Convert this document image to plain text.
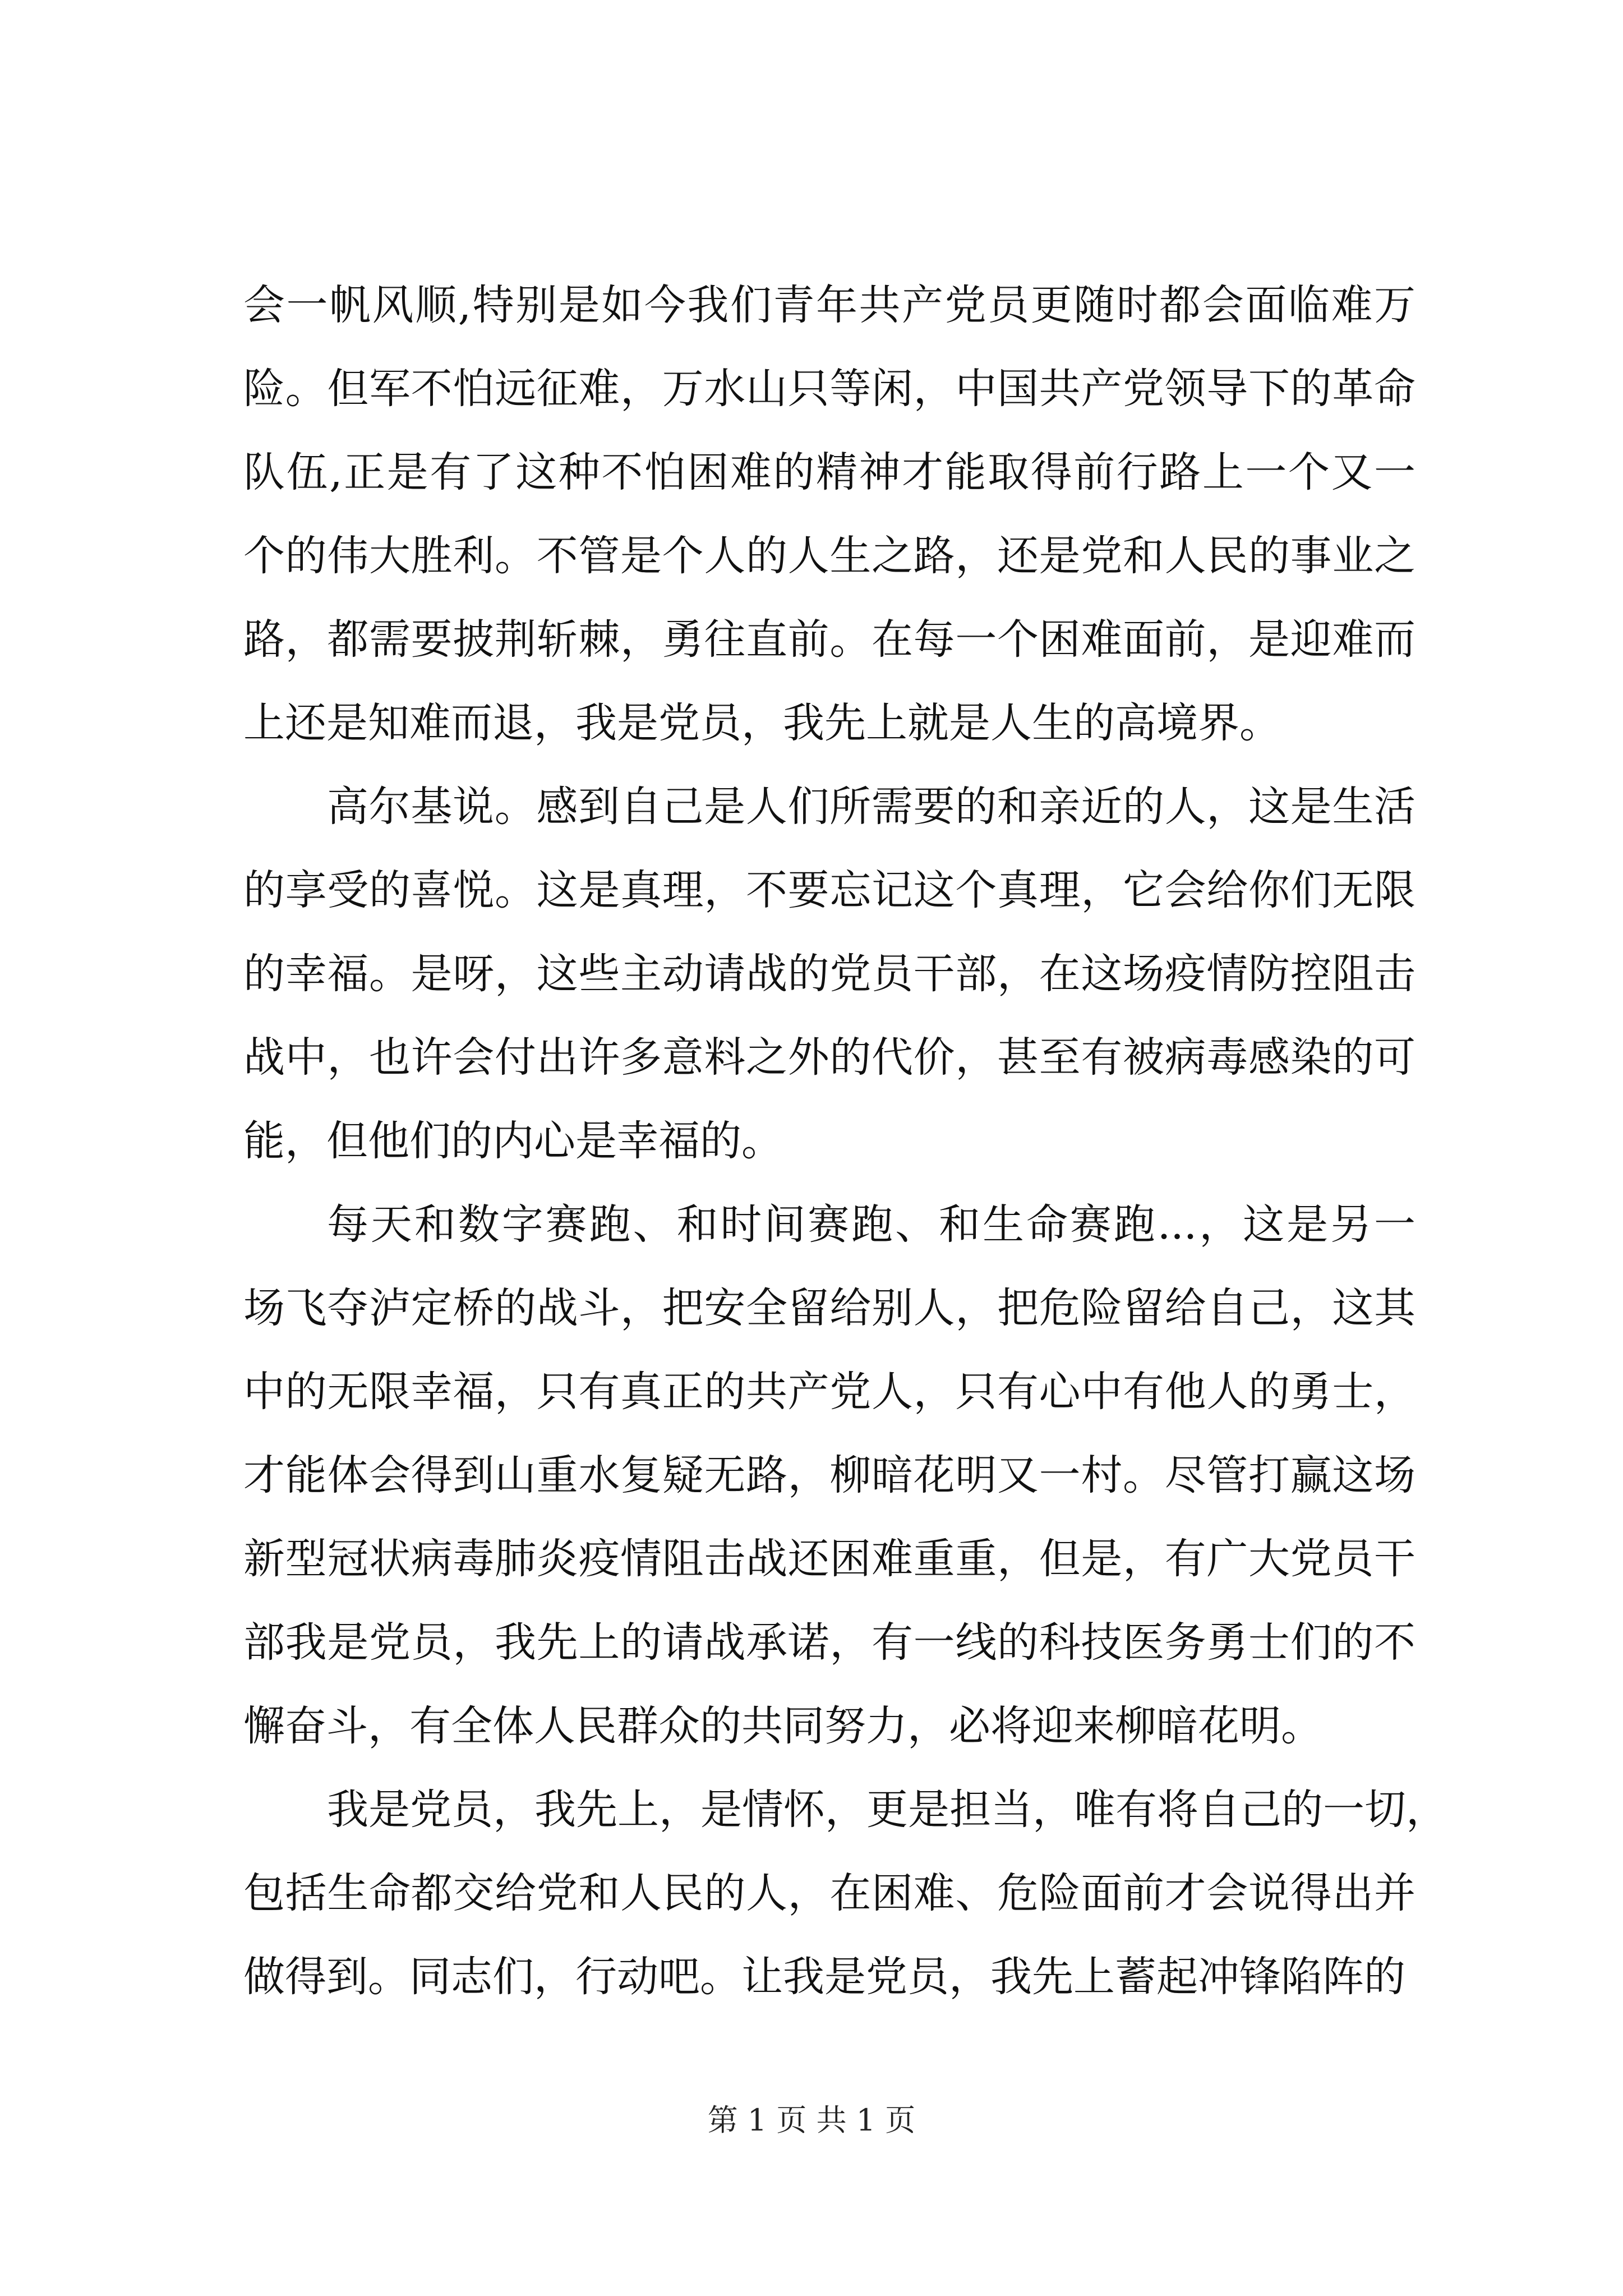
会一帆风顺,特别是如今我们青年共产党员更随时都会面临难万
险。但军不怕远征难，万水山只等闲，中国共产党领导下的革命
队伍,正是有了这种不怕困难的精神才能取得前行路上一个又一
个的伟大胜利。不管是个人的人生之路，还是党和人民的事业之
路，都需要披荆斩棘，勇往直前。在每一个困难面前，是迎难而
上还是知难而退，我是党员，我先上就是人生的高境界。

高尔基说。感到自己是人们所需要的和亲近的人，这是生活
的享受的喜悦。这是真理，不要忘记这个真理，它会给你们无限
的幸福。是呀，这些主动请战的党员干部，在这场疫情防控阻击
战中，也许会付出许多意料之外的代价，甚至有被病毒感染的可
能，但他们的内心是幸福的。

每天和数字赛跑、和时间赛跑、和生命赛跑...，这是另一
场飞夺泸定桥的战斗，把安全留给别人，把危险留给自己，这其
中的无限幸福，只有真正的共产党人，只有心中有他人的勇士，
才能体会得到山重水复疑无路，柳暗花明又一村。尽管打赢这场
新型冠状病毒肺炎疫情阻击战还困难重重，但是，有广大党员干
部我是党员，我先上的请战承诺，有一线的科技医务勇士们的不
懈奋斗，有全体人民群众的共同努力，必将迎来柳暗花明。

我是党员，我先上，是情怀，更是担当，唯有将自己的一切，
包括生命都交给党和人民的人，在困难、危险面前才会说得出并
做得到。同志们，行动吧。让我是党员，我先上蓄起冲锋陷阵的

第 1 页 共 1 页
